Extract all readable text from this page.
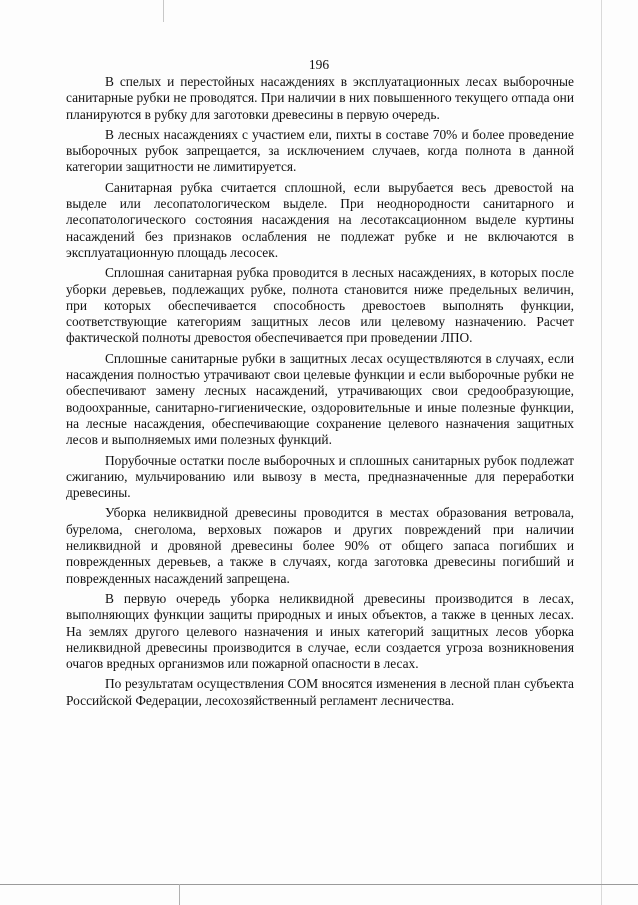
196

В спелых и перестойных насаждениях в эксплуатационных лесах выборочные санитарные рубки не проводятся. При наличии в них повышенного текущего отпада они планируются в рубку для заготовки древесины в первую очередь.

В лесных насаждениях с участием ели, пихты в составе 70% и более проведение выборочных рубок запрещается, за исключением случаев, когда полнота в данной категории защитности не лимитируется.

Санитарная рубка считается сплошной, если вырубается весь древостой на выделе или лесопатологическом выделе. При неоднородности санитарного и лесопатологического состояния насаждения на лесотаксационном выделе куртины насаждений без признаков ослабления не подлежат рубке и не включаются в эксплуатационную площадь лесосек.

Сплошная санитарная рубка проводится в лесных насаждениях, в которых после уборки деревьев, подлежащих рубке, полнота становится ниже предельных величин, при которых обеспечивается способность древостоев выполнять функции, соответствующие категориям защитных лесов или целевому назначению. Расчет фактической полноты древостоя обеспечивается при проведении ЛПО.

Сплошные санитарные рубки в защитных лесах осуществляются в случаях, если насаждения полностью утрачивают свои целевые функции и если выборочные рубки не обеспечивают замену лесных насаждений, утрачивающих свои средообразующие, водоохранные, санитарно-гигиенические, оздоровительные и иные полезные функции, на лесные насаждения, обеспечивающие сохранение целевого назначения защитных лесов и выполняемых ими полезных функций.

Порубочные остатки после выборочных и сплошных санитарных рубок подлежат сжиганию, мульчированию или вывозу в места, предназначенные для переработки древесины.

Уборка неликвидной древесины проводится в местах образования ветровала, бурелома, снеголома, верховых пожаров и других повреждений при наличии неликвидной и дровяной древесины более 90% от общего запаса погибших и поврежденных деревьев, а также в случаях, когда заготовка древесины погибший и поврежденных насаждений запрещена.

В первую очередь уборка неликвидной древесины производится в лесах, выполняющих функции защиты природных и иных объектов, а также в ценных лесах. На землях другого целевого назначения и иных категорий защитных лесов уборка неликвидной древесины производится в случае, если создается угроза возникновения очагов вредных организмов или пожарной опасности в лесах.

По результатам осуществления СОМ вносятся изменения в лесной план субъекта Российской Федерации, лесохозяйственный регламент лесничества.
